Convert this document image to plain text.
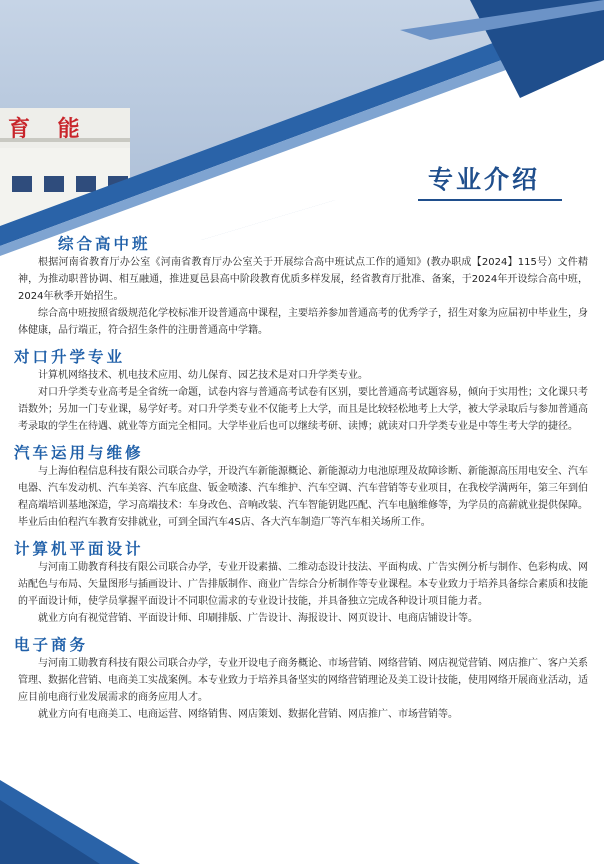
育 能
专业介绍
综合高中班

根据河南省教育厅办公室《河南省教育厅办公室关于开展综合高中班试点工作的通知》(教办职成【2024】115号）文件精神，为推动职普协调、相互融通，推进夏邑县高中阶段教育优质多样发展，经省教育厅批准、备案，于2024年开设综合高中班，2024年秋季开始招生。

综合高中班按照省级规范化学校标准开设普通高中课程，主要培养参加普通高考的优秀学子，招生对象为应届初中毕业生，身体健康，品行端正，符合招生条件的注册普通高中学籍。

对口升学专业

计算机网络技术、机电技术应用、幼儿保育、园艺技术是对口升学类专业。

对口升学类专业高考是全省统一命题，试卷内容与普通高考试卷有区别，要比普通高考试题容易，倾向于实用性；文化课只考语数外；另加一门专业课，易学好考。对口升学类专业不仅能考上大学，而且是比较轻松地考上大学，被大学录取后与参加普通高考录取的学生在待遇、就业等方面完全相同。大学毕业后也可以继续考研、读博；就读对口升学类专业是中等生考大学的捷径。

汽车运用与维修

与上海伯程信息科技有限公司联合办学，开设汽车新能源概论、新能源动力电池原理及故障诊断、新能源高压用电安全、汽车电器、汽车发动机、汽车美容、汽车底盘、钣金喷漆、汽车维护、汽车空调、汽车营销等专业项目，在我校学满两年，第三年到伯程高端培训基地深造，学习高端技术：车身改色、音响改装、汽车智能钥匙匹配、汽车电脑维修等，为学员的高薪就业提供保障。毕业后由伯程汽车教育安排就业，可到全国汽车4S店、各大汽车制造厂等汽车相关场所工作。

计算机平面设计

与河南工勋教育科技有限公司联合办学，专业开设素描、二维动态设计技法、平面构成、广告实例分析与制作、色彩构成、网站配色与布局、矢量图形与插画设计、广告排版制作、商业广告综合分析制作等专业课程。本专业致力于培养具备综合素质和技能的平面设计师，使学员掌握平面设计不同职位需求的专业设计技能，并具备独立完成各种设计项目能力者。

就业方向有视觉营销、平面设计师、印刷排版、广告设计、海报设计、网页设计、电商店铺设计等。

电子商务

与河南工勋教育科技有限公司联合办学，专业开设电子商务概论、市场营销、网络营销、网店视觉营销、网店推广、客户关系管理、数据化营销、电商美工实战案例。本专业致力于培养具备坚实的网络营销理论及美工设计技能，使用网络开展商业活动，适应目前电商行业发展需求的商务应用人才。

就业方向有电商美工、电商运营、网络销售、网店策划、数据化营销、网店推广、市场营销等。
